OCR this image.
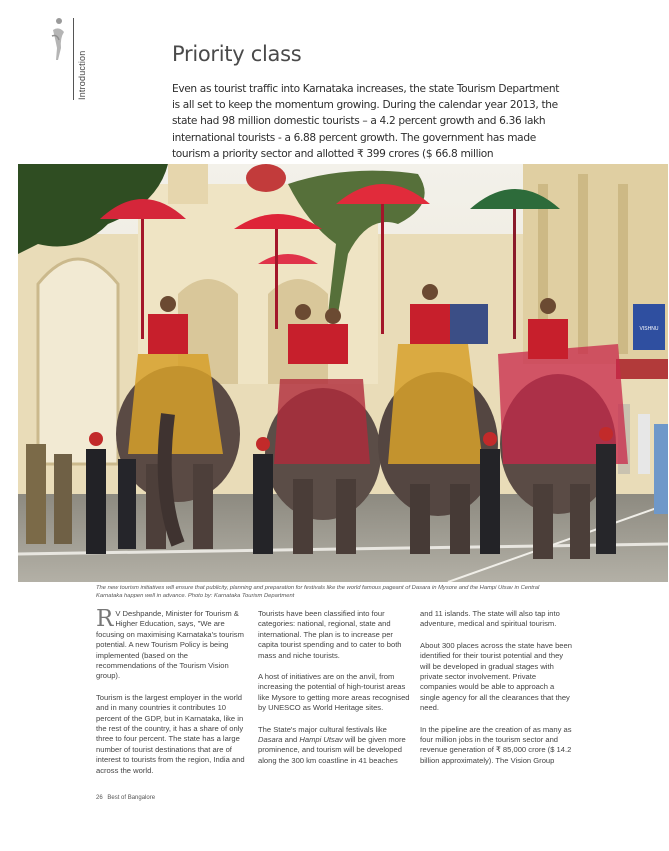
Introduction	Priority class

Even as tourist traffic into Karnataka increases, the state Tourism Department is all set to keep the momentum growing. During the calendar year 2013, the state had 98 million domestic tourists – a 4.2 percent growth and 6.36 lakh international tourists - a 6.88 percent growth. The government has made tourism a priority sector and allotted ₹ 399 crores ($ 66.8 million

VISHNU

The new tourism initiatives will ensure that publicity, planning and preparation for festivals like the world famous pageant of Dasara in Mysore and the Hampi Utsav in Central Karnataka happen well in advance. Photo by: Karnataka Tourism Department

R V Deshpande, Minister for Tourism & Higher Education, says, "We are focusing on maximising Karnataka's tourism potential. A new Tourism Policy is being implemented (based on the recommendations of the Tourism Vision group).

Tourism is the largest employer in the world and in many countries it contributes 10 percent of the GDP, but in Karnataka, like in the rest of the country, it has a share of only three to four percent. The state has a large number of tourist destinations that are of interest to tourists from the region, India and across the world.

Tourists have been classified into four categories: national, regional, state and international. The plan is to increase per capita tourist spending and to cater to both mass and niche tourists.

A host of initiatives are on the anvil, from increasing the potential of high-tourist areas like Mysore to getting more areas recognised by UNESCO as World Heritage sites.

The State's major cultural festivals like Dasara and Hampi Utsav will be given more prominence, and tourism will be developed along the 300 km coastline in 41 beaches

and 11 islands. The state will also tap into adventure, medical and spiritual tourism.

About 300 places across the state have been identified for their tourist potential and they will be developed in gradual stages with private sector involvement. Private companies would be able to approach a single agency for all the clearances that they need.

In the pipeline are the creation of as many as four million jobs in the tourism sector and revenue generation of ₹ 85,000 crore ($ 14.2 billion approximately). The Vision Group

26 Best of Bangalore
